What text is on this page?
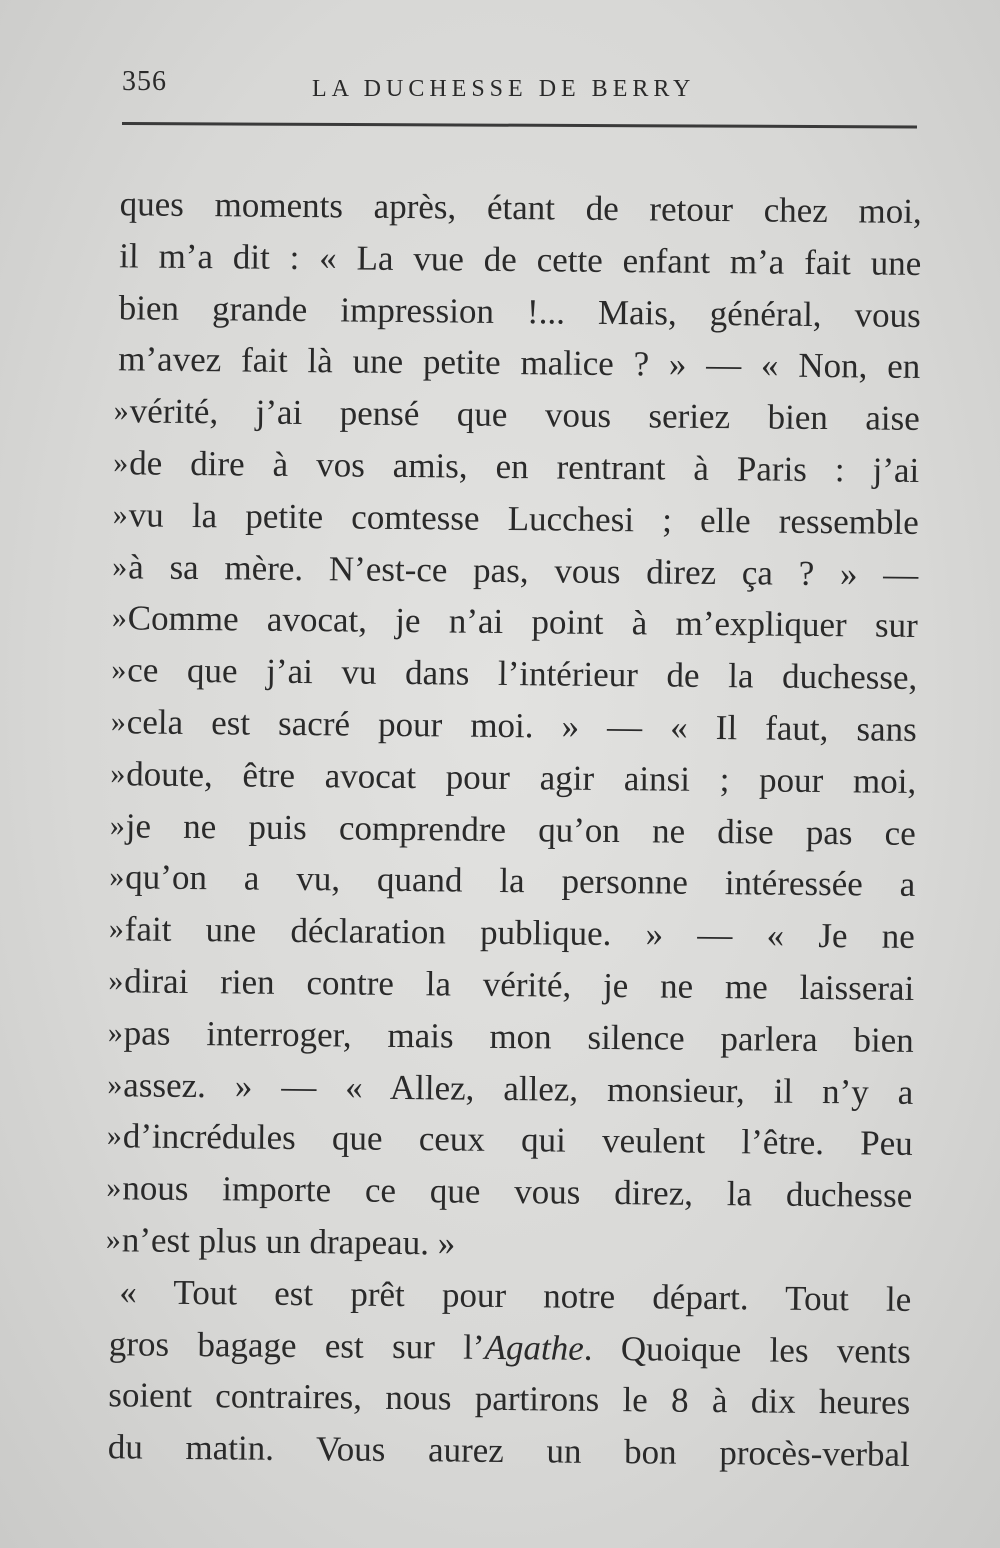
356	LA DUCHESSE DE BERRY
ques moments après, étant de retour chez moi,
il m’a dit : « La vue de cette enfant m’a fait une
bien grande impression !... Mais, général, vous
m’avez fait là une petite malice ? » — « Non, en
» vérité, j’ai pensé que vous seriez bien aise
» de dire à vos amis, en rentrant à Paris : j’ai
» vu la petite comtesse Lucchesi ; elle ressemble
» à sa mère. N’est-ce pas, vous direz ça ? » —
» Comme avocat, je n’ai point à m’expliquer sur
» ce que j’ai vu dans l’intérieur de la duchesse,
» cela est sacré pour moi. » — « Il faut, sans
» doute, être avocat pour agir ainsi ; pour moi,
» je ne puis comprendre qu’on ne dise pas ce
» qu’on a vu, quand la personne intéressée a
» fait une déclaration publique. » — « Je ne
» dirai rien contre la vérité, je ne me laisserai
» pas interroger, mais mon silence parlera bien
» assez. » — « Allez, allez, monsieur, il n’y a
» d’incrédules que ceux qui veulent l’être. Peu
» nous importe ce que vous direz, la duchesse
» n’est plus un drapeau. »
« Tout est prêt pour notre départ. Tout le
gros bagage est sur l’Agathe. Quoique les vents
soient contraires, nous partirons le 8 à dix heures
du matin. Vous aurez un bon procès-verbal
